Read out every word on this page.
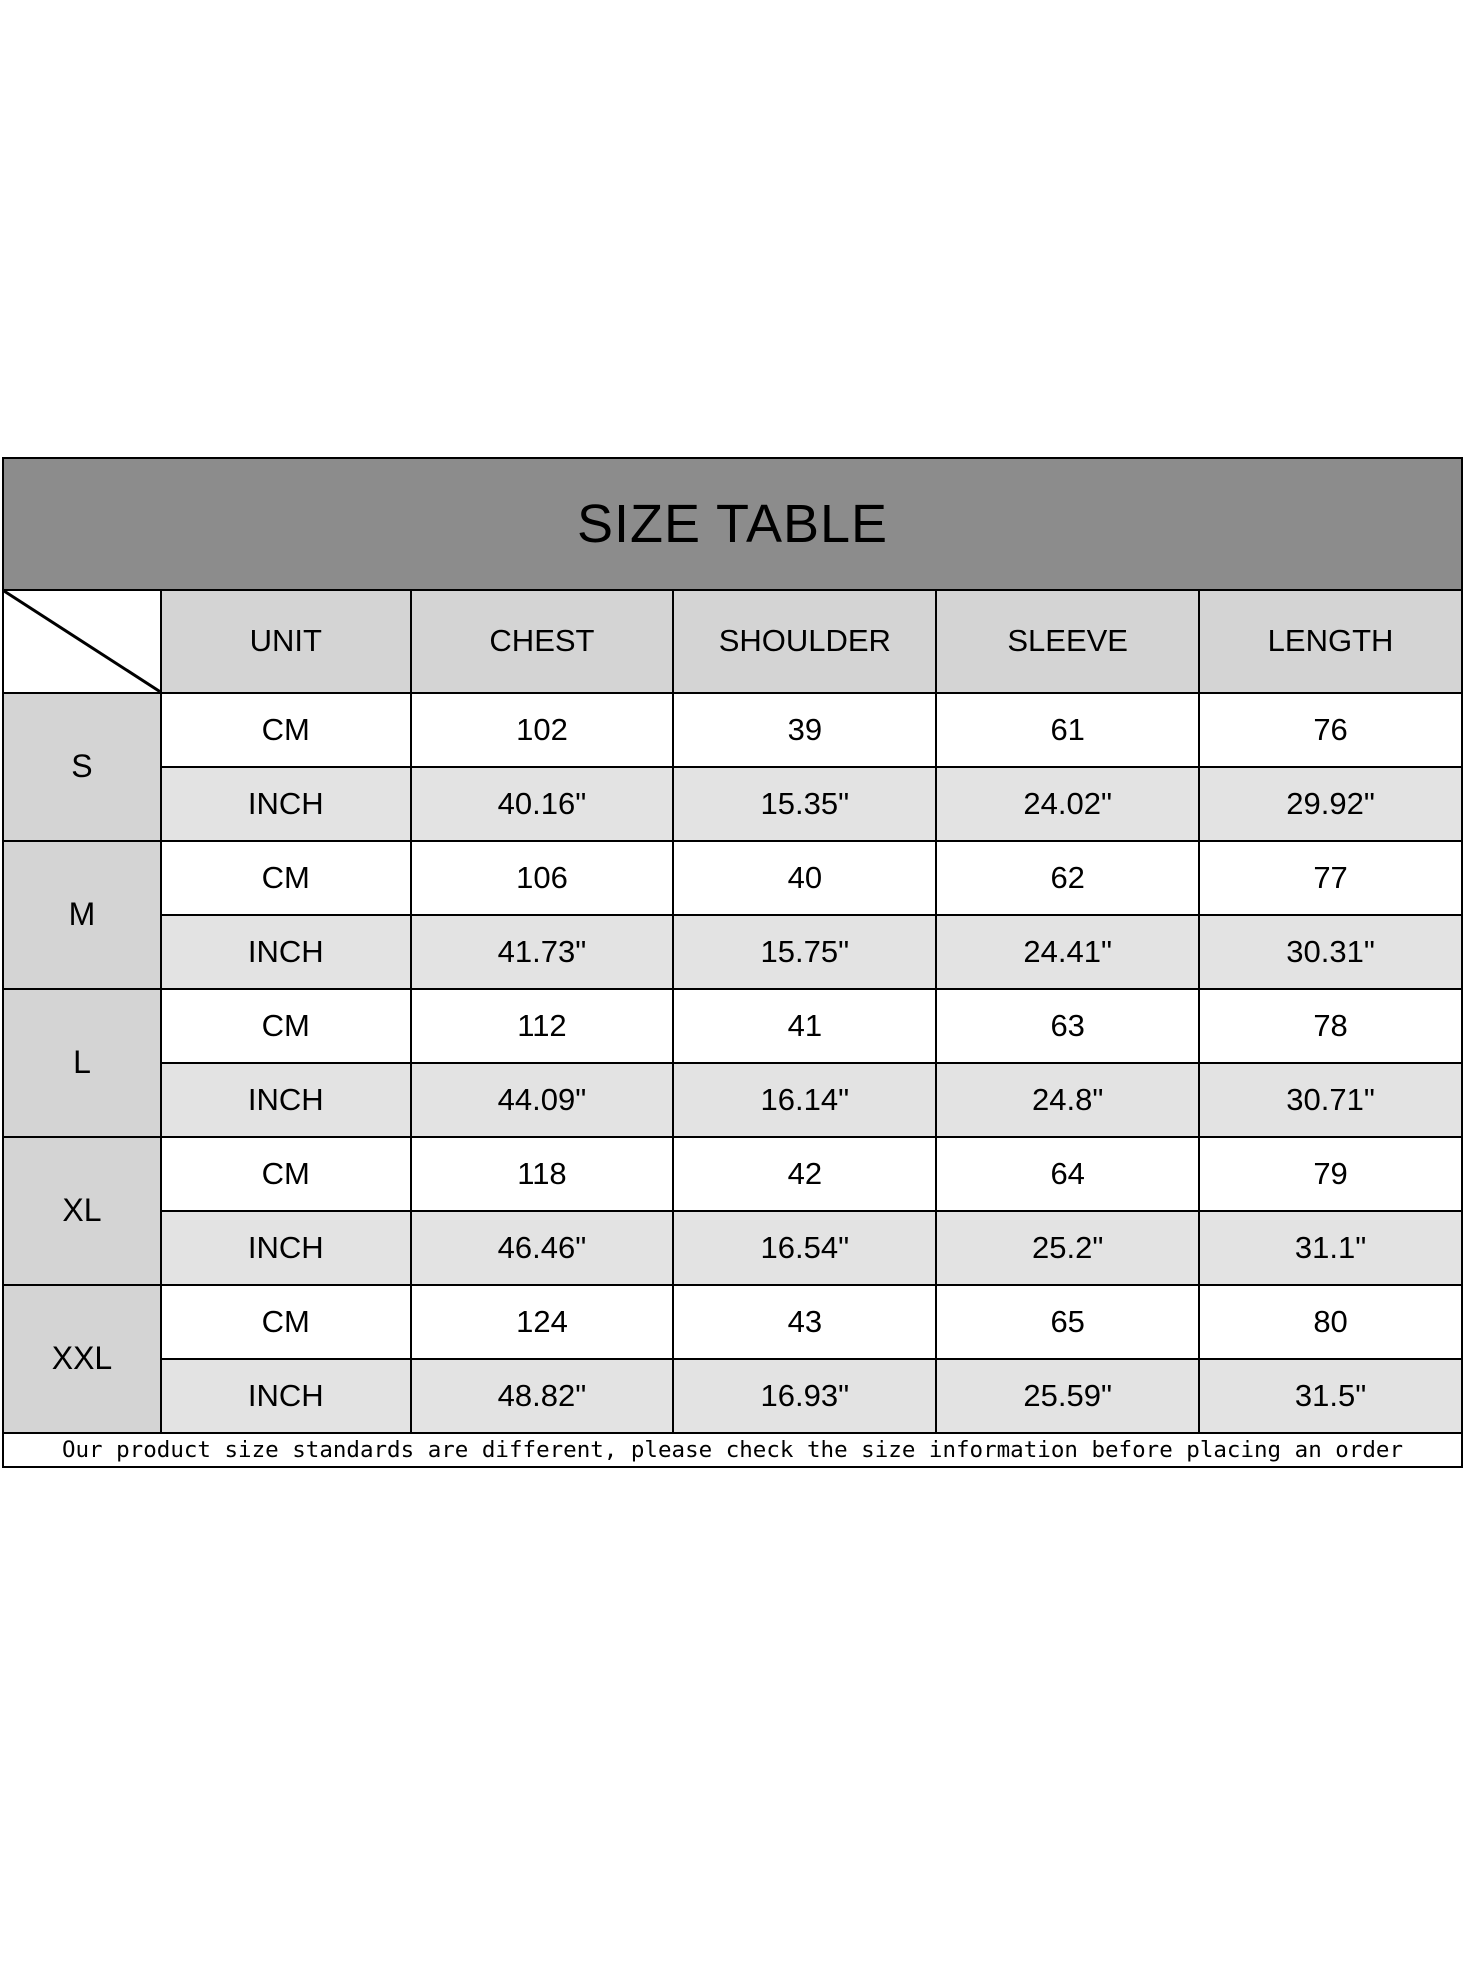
SIZE TABLE					

	UNIT	CHEST	SHOULDER	SLEEVE	LENGTH
S	CM	102	39	61	76
	INCH	40.16"	15.35"	24.02"	29.92"
M	CM	106	40	62	77
	INCH	41.73"	15.75"	24.41"	30.31"
L	CM	112	41	63	78
	INCH	44.09"	16.14"	24.8"	30.71"
XL	CM	118	42	64	79
	INCH	46.46"	16.54"	25.2"	31.1"
XXL	CM	124	43	65	80
	INCH	48.82"	16.93"	25.59"	31.5"

Our product size standards are different, please check the size information before placing an order					
